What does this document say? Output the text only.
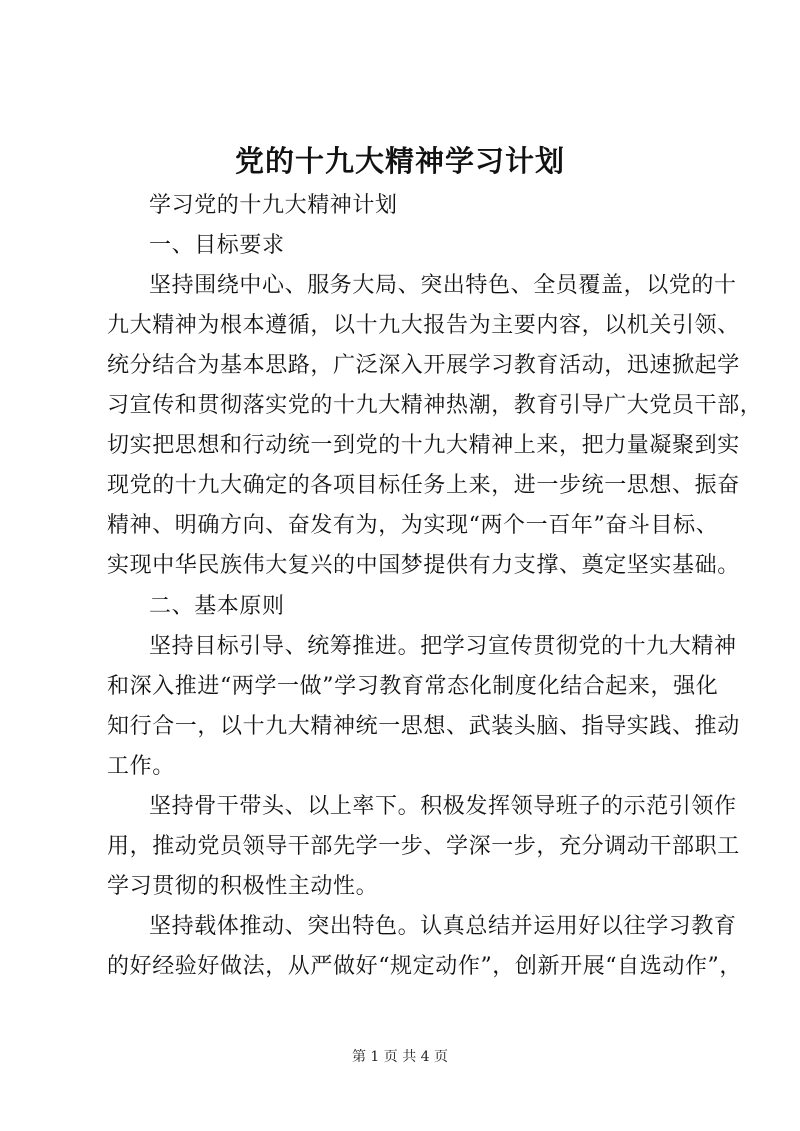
党的十九大精神学习计划
学习党的十九大精神计划
一、目标要求
坚持围绕中心、服务大局、突出特色、全员覆盖，以党的十
九大精神为根本遵循，以十九大报告为主要内容，以机关引领、
统分结合为基本思路，广泛深入开展学习教育活动，迅速掀起学
习宣传和贯彻落实党的十九大精神热潮，教育引导广大党员干部，
切实把思想和行动统一到党的十九大精神上来，把力量凝聚到实
现党的十九大确定的各项目标任务上来，进一步统一思想、振奋
精神、明确方向、奋发有为，为实现“两个一百年”奋斗目标、
实现中华民族伟大复兴的中国梦提供有力支撑、奠定坚实基础。
二、基本原则
坚持目标引导、统筹推进。把学习宣传贯彻党的十九大精神
和深入推进“两学一做”学习教育常态化制度化结合起来，强化
知行合一，以十九大精神统一思想、武装头脑、指导实践、推动
工作。
坚持骨干带头、以上率下。积极发挥领导班子的示范引领作
用，推动党员领导干部先学一步、学深一步，充分调动干部职工
学习贯彻的积极性主动性。
坚持载体推动、突出特色。认真总结并运用好以往学习教育
的好经验好做法，从严做好“规定动作”，创新开展“自选动作”，
第 1 页 共 4 页
